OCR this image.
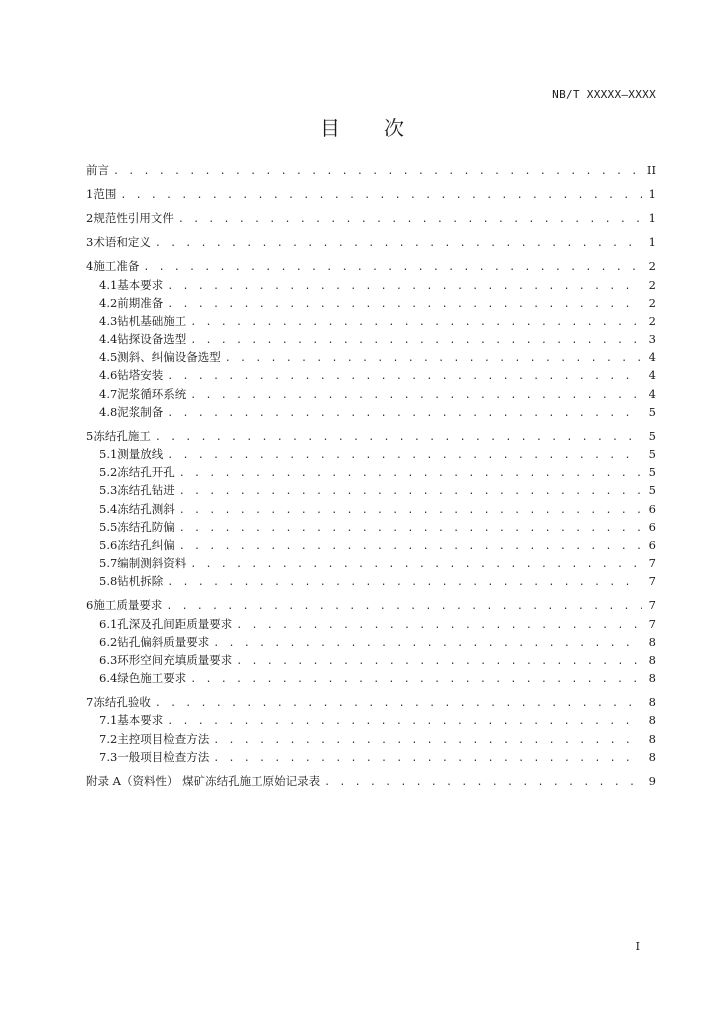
NB/T XXXXX—XXXX
目 次
前言 . . .	II
1 范围 . . .	1
2 规范性引用文件 . . .	1
3 术语和定义 . . .	1
4 施工准备 . . .	2
4.1 基本要求 . . .	2
4.2 前期准备 . . .	2
4.3 钻机基础施工 . . .	2
4.4 钻探设备选型 . . .	3
4.5 测斜、纠偏设备选型 . . .	4
4.6 钻塔安装 . . .	4
4.7 泥浆循环系统 . . .	4
4.8 泥浆制备 . . .	5
5 冻结孔施工 . . .	5
5.1 测量放线 . . .	5
5.2 冻结孔开孔 . . .	5
5.3 冻结孔钻进 . . .	5
5.4 冻结孔测斜 . . .	6
5.5 冻结孔防偏 . . .	6
5.6 冻结孔纠偏 . . .	6
5.7 编制测斜资料 . . .	7
5.8 钻机拆除 . . .	7
6 施工质量要求 . . .	7
6.1 孔深及孔间距质量要求 . . .	7
6.2 钻孔偏斜质量要求 . . .	8
6.3 环形空间充填质量要求 . . .	8
6.4 绿色施工要求 . . .	8
7 冻结孔验收 . . .	8
7.1 基本要求 . . .	8
7.2 主控项目检查方法 . . .	8
7.3 一般项目检查方法 . . .	8
附录 A（资料性） 煤矿冻结孔施工原始记录表 . . .	9
I
